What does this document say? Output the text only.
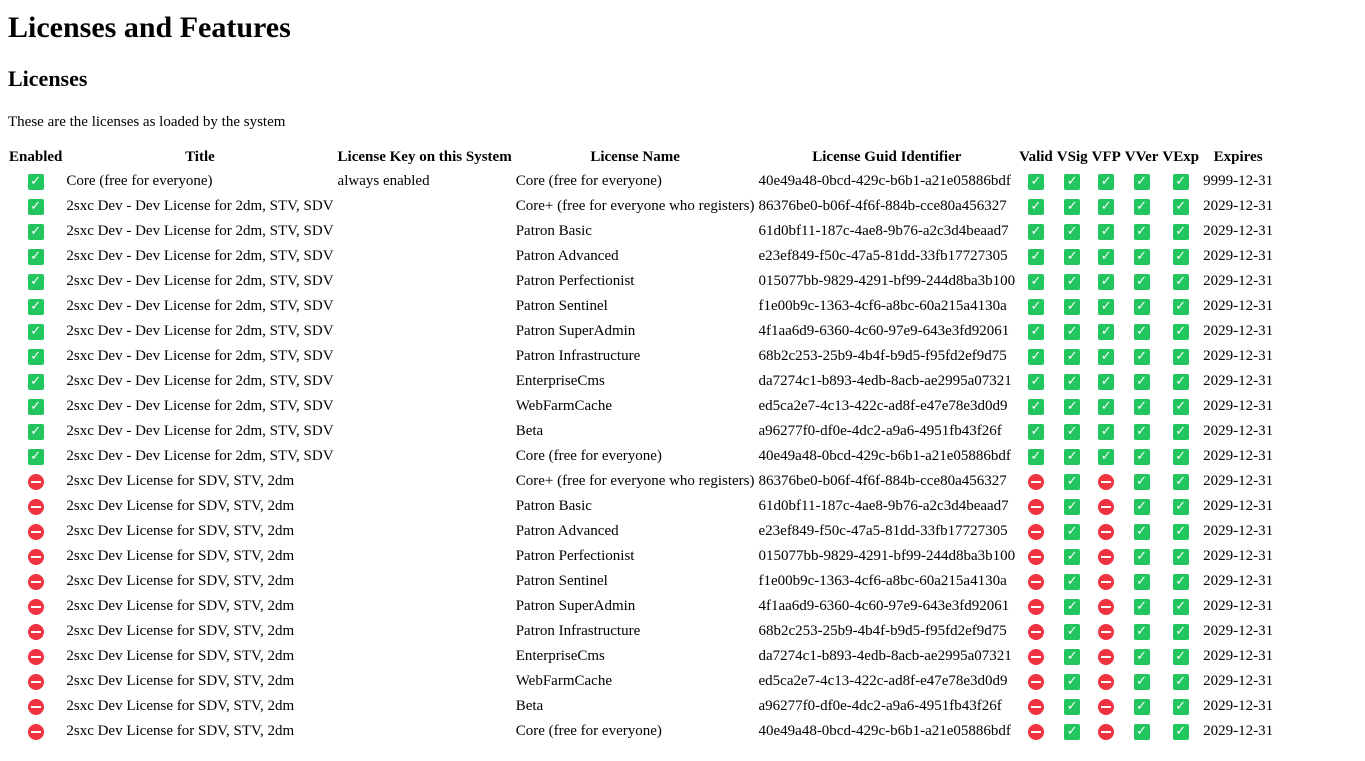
Licenses and Features
Licenses

These are the licenses as loaded by the system

Enabled	Title	License Key on this System	License Name	License Guid Identifier	Valid	VSig	VFP	VVer	VExp	Expires
✓	Core (free for everyone)	always enabled	Core (free for everyone)	40e49a48-0bcd-429c-b6b1-a21e05886bdf	✓	✓	✓	✓	✓	9999-12-31
✓	2sxc Dev - Dev License for 2dm, STV, SDV		Core+ (free for everyone who registers)	86376be0-b06f-4f6f-884b-cce80a456327	✓	✓	✓	✓	✓	2029-12-31
✓	2sxc Dev - Dev License for 2dm, STV, SDV		Patron Basic	61d0bf11-187c-4ae8-9b76-a2c3d4beaad7	✓	✓	✓	✓	✓	2029-12-31
✓	2sxc Dev - Dev License for 2dm, STV, SDV		Patron Advanced	e23ef849-f50c-47a5-81dd-33fb17727305	✓	✓	✓	✓	✓	2029-12-31
✓	2sxc Dev - Dev License for 2dm, STV, SDV		Patron Perfectionist	015077bb-9829-4291-bf99-244d8ba3b100	✓	✓	✓	✓	✓	2029-12-31
✓	2sxc Dev - Dev License for 2dm, STV, SDV		Patron Sentinel	f1e00b9c-1363-4cf6-a8bc-60a215a4130a	✓	✓	✓	✓	✓	2029-12-31
✓	2sxc Dev - Dev License for 2dm, STV, SDV		Patron SuperAdmin	4f1aa6d9-6360-4c60-97e9-643e3fd92061	✓	✓	✓	✓	✓	2029-12-31
✓	2sxc Dev - Dev License for 2dm, STV, SDV		Patron Infrastructure	68b2c253-25b9-4b4f-b9d5-f95fd2ef9d75	✓	✓	✓	✓	✓	2029-12-31
✓	2sxc Dev - Dev License for 2dm, STV, SDV		EnterpriseCms	da7274c1-b893-4edb-8acb-ae2995a07321	✓	✓	✓	✓	✓	2029-12-31
✓	2sxc Dev - Dev License for 2dm, STV, SDV		WebFarmCache	ed5ca2e7-4c13-422c-ad8f-e47e78e3d0d9	✓	✓	✓	✓	✓	2029-12-31
✓	2sxc Dev - Dev License for 2dm, STV, SDV		Beta	a96277f0-df0e-4dc2-a9a6-4951fb43f26f	✓	✓	✓	✓	✓	2029-12-31
✓	2sxc Dev - Dev License for 2dm, STV, SDV		Core (free for everyone)	40e49a48-0bcd-429c-b6b1-a21e05886bdf	✓	✓	✓	✓	✓	2029-12-31
	2sxc Dev License for SDV, STV, 2dm		Core+ (free for everyone who registers)	86376be0-b06f-4f6f-884b-cce80a456327		✓		✓	✓	2029-12-31
	2sxc Dev License for SDV, STV, 2dm		Patron Basic	61d0bf11-187c-4ae8-9b76-a2c3d4beaad7		✓		✓	✓	2029-12-31
	2sxc Dev License for SDV, STV, 2dm		Patron Advanced	e23ef849-f50c-47a5-81dd-33fb17727305		✓		✓	✓	2029-12-31
	2sxc Dev License for SDV, STV, 2dm		Patron Perfectionist	015077bb-9829-4291-bf99-244d8ba3b100		✓		✓	✓	2029-12-31
	2sxc Dev License for SDV, STV, 2dm		Patron Sentinel	f1e00b9c-1363-4cf6-a8bc-60a215a4130a		✓		✓	✓	2029-12-31
	2sxc Dev License for SDV, STV, 2dm		Patron SuperAdmin	4f1aa6d9-6360-4c60-97e9-643e3fd92061		✓		✓	✓	2029-12-31
	2sxc Dev License for SDV, STV, 2dm		Patron Infrastructure	68b2c253-25b9-4b4f-b9d5-f95fd2ef9d75		✓		✓	✓	2029-12-31
	2sxc Dev License for SDV, STV, 2dm		EnterpriseCms	da7274c1-b893-4edb-8acb-ae2995a07321		✓		✓	✓	2029-12-31
	2sxc Dev License for SDV, STV, 2dm		WebFarmCache	ed5ca2e7-4c13-422c-ad8f-e47e78e3d0d9		✓		✓	✓	2029-12-31
	2sxc Dev License for SDV, STV, 2dm		Beta	a96277f0-df0e-4dc2-a9a6-4951fb43f26f		✓		✓	✓	2029-12-31
	2sxc Dev License for SDV, STV, 2dm		Core (free for everyone)	40e49a48-0bcd-429c-b6b1-a21e05886bdf		✓		✓	✓	2029-12-31
